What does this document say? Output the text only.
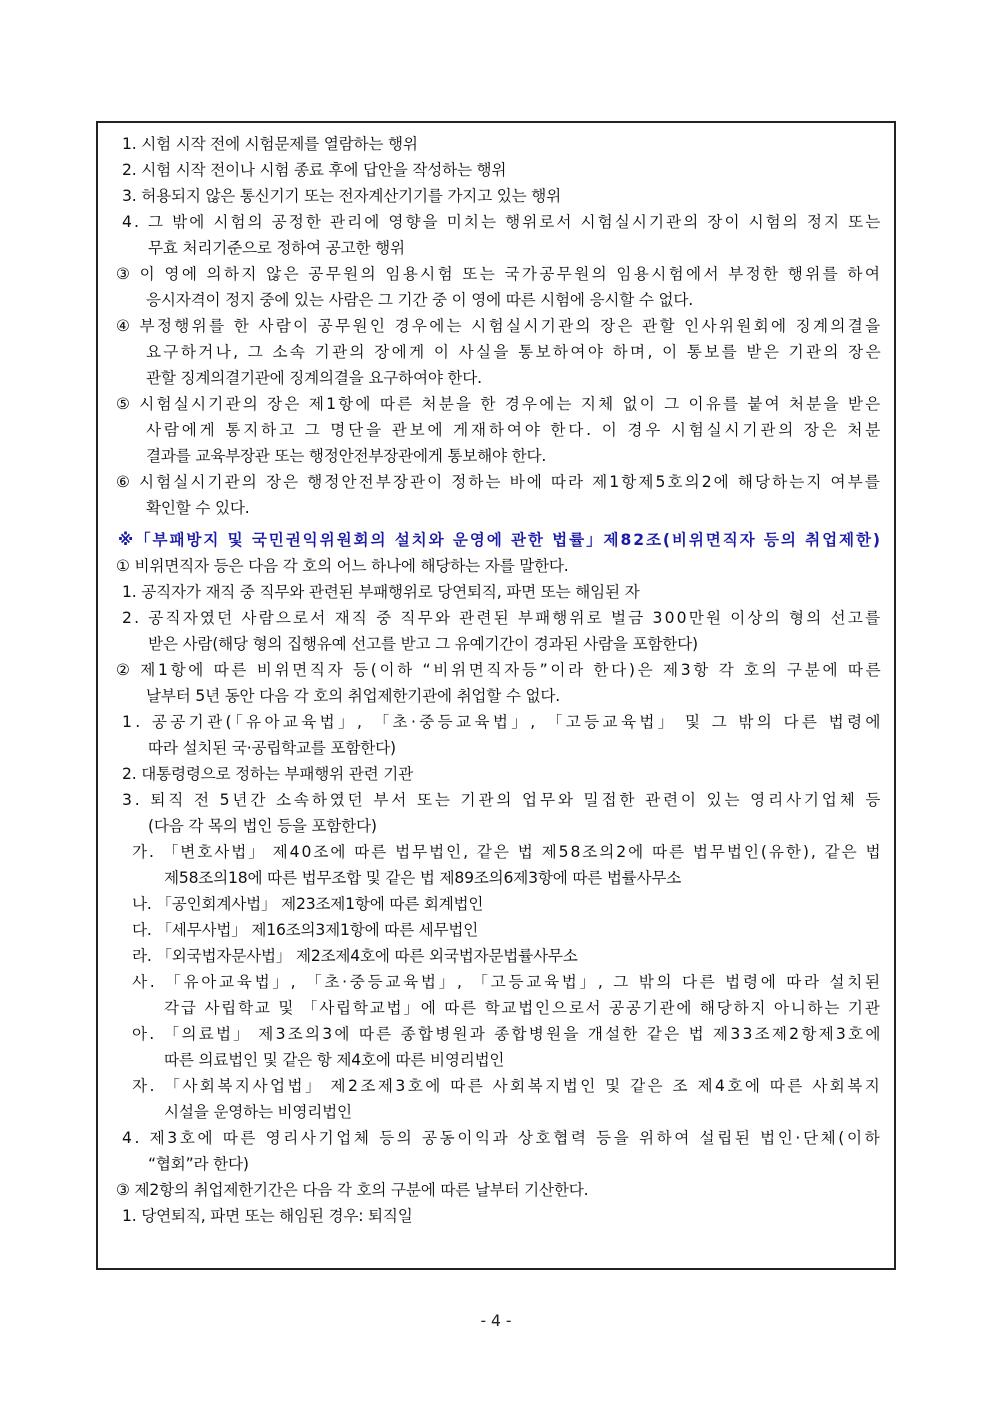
1. 시험 시작 전에 시험문제를 열람하는 행위
2. 시험 시작 전이나 시험 종료 후에 답안을 작성하는 행위
3. 허용되지 않은 통신기기 또는 전자계산기기를 가지고 있는 행위
4. 그 밖에 시험의 공정한 관리에 영향을 미치는 행위로서 시험실시기관의 장이 시험의 정지 또는
무효 처리기준으로 정하여 공고한 행위
③ 이 영에 의하지 않은 공무원의 임용시험 또는 국가공무원의 임용시험에서 부정한 행위를 하여
응시자격이 정지 중에 있는 사람은 그 기간 중 이 영에 따른 시험에 응시할 수 없다.
④ 부정행위를 한 사람이 공무원인 경우에는 시험실시기관의 장은 관할 인사위원회에 징계의결을
요구하거나, 그 소속 기관의 장에게 이 사실을 통보하여야 하며, 이 통보를 받은 기관의 장은
관할 징계의결기관에 징계의결을 요구하여야 한다.
⑤ 시험실시기관의 장은 제1항에 따른 처분을 한 경우에는 지체 없이 그 이유를 붙여 처분을 받은
사람에게 통지하고 그 명단을 관보에 게재하여야 한다. 이 경우 시험실시기관의 장은 처분
결과를 교육부장관 또는 행정안전부장관에게 통보해야 한다.
⑥ 시험실시기관의 장은 행정안전부장관이 정하는 바에 따라 제1항제5호의2에 해당하는지 여부를
확인할 수 있다.
※「부패방지 및 국민권익위원회의 설치와 운영에 관한 법률」제82조(비위면직자 등의 취업제한)
① 비위면직자 등은 다음 각 호의 어느 하나에 해당하는 자를 말한다.
1. 공직자가 재직 중 직무와 관련된 부패행위로 당연퇴직, 파면 또는 해임된 자
2. 공직자였던 사람으로서 재직 중 직무와 관련된 부패행위로 벌금 300만원 이상의 형의 선고를
받은 사람(해당 형의 집행유예 선고를 받고 그 유예기간이 경과된 사람을 포함한다)
② 제1항에 따른 비위면직자 등(이하 “비위면직자등”이라 한다)은 제3항 각 호의 구분에 따른
날부터 5년 동안 다음 각 호의 취업제한기관에 취업할 수 없다.
1. 공공기관(「유아교육법」, 「초·중등교육법」, 「고등교육법」 및 그 밖의 다른 법령에
따라 설치된 국·공립학교를 포함한다)
2. 대통령령으로 정하는 부패행위 관련 기관
3. 퇴직 전 5년간 소속하였던 부서 또는 기관의 업무와 밀접한 관련이 있는 영리사기업체 등
(다음 각 목의 법인 등을 포함한다)
가. 「변호사법」 제40조에 따른 법무법인, 같은 법 제58조의2에 따른 법무법인(유한), 같은 법
제58조의18에 따른 법무조합 및 같은 법 제89조의6제3항에 따른 법률사무소
나. 「공인회계사법」 제23조제1항에 따른 회계법인
다. 「세무사법」 제16조의3제1항에 따른 세무법인
라. 「외국법자문사법」 제2조제4호에 따른 외국법자문법률사무소
사. 「유아교육법」, 「초·중등교육법」, 「고등교육법」, 그 밖의 다른 법령에 따라 설치된
각급 사립학교 및 「사립학교법」에 따른 학교법인으로서 공공기관에 해당하지 아니하는 기관
아. 「의료법」 제3조의3에 따른 종합병원과 종합병원을 개설한 같은 법 제33조제2항제3호에
따른 의료법인 및 같은 항 제4호에 따른 비영리법인
자. 「사회복지사업법」 제2조제3호에 따른 사회복지법인 및 같은 조 제4호에 따른 사회복지
시설을 운영하는 비영리법인
4. 제3호에 따른 영리사기업체 등의 공동이익과 상호협력 등을 위하여 설립된 법인·단체(이하
“협회”라 한다)
③ 제2항의 취업제한기간은 다음 각 호의 구분에 따른 날부터 기산한다.
1. 당연퇴직, 파면 또는 해임된 경우: 퇴직일
- 4 -
